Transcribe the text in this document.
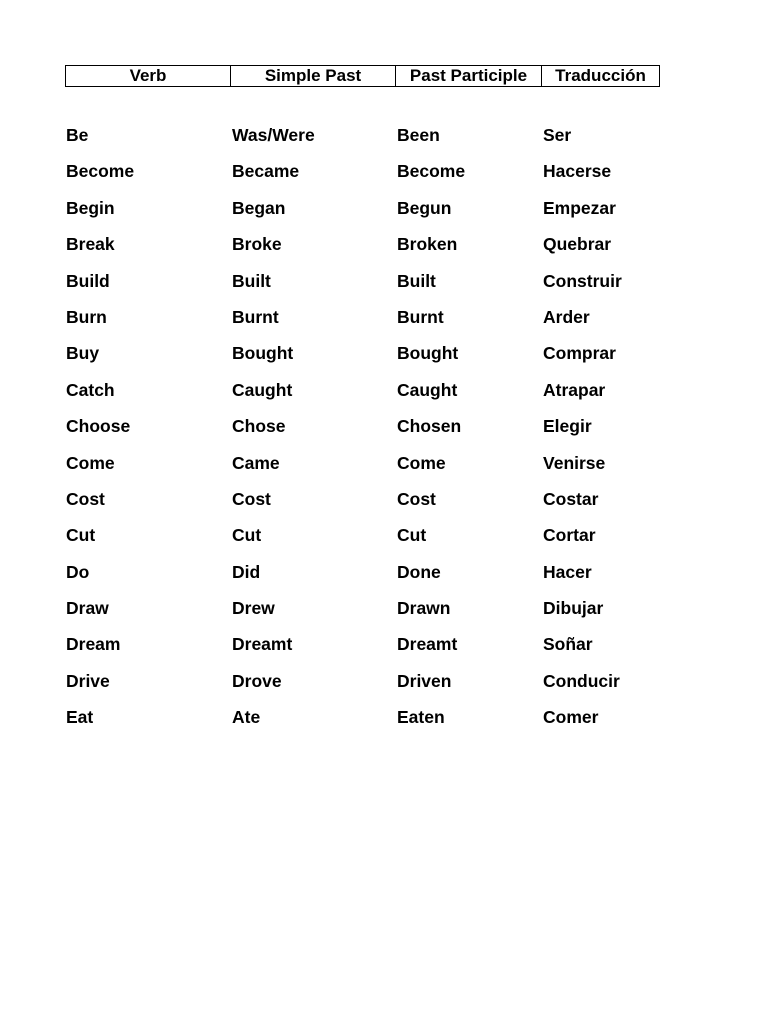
Verb	Simple Past	Past Participle	Traducción
Be	Was/Were	Been	Ser
Become	Became	Become	Hacerse
Begin	Began	Begun	Empezar
Break	Broke	Broken	Quebrar
Build	Built	Built	Construir
Burn	Burnt	Burnt	Arder
Buy	Bought	Bought	Comprar
Catch	Caught	Caught	Atrapar
Choose	Chose	Chosen	Elegir
Come	Came	Come	Venirse
Cost	Cost	Cost	Costar
Cut	Cut	Cut	Cortar
Do	Did	Done	Hacer
Draw	Drew	Drawn	Dibujar
Dream	Dreamt	Dreamt	Soñar
Drive	Drove	Driven	Conducir
Eat	Ate	Eaten	Comer
